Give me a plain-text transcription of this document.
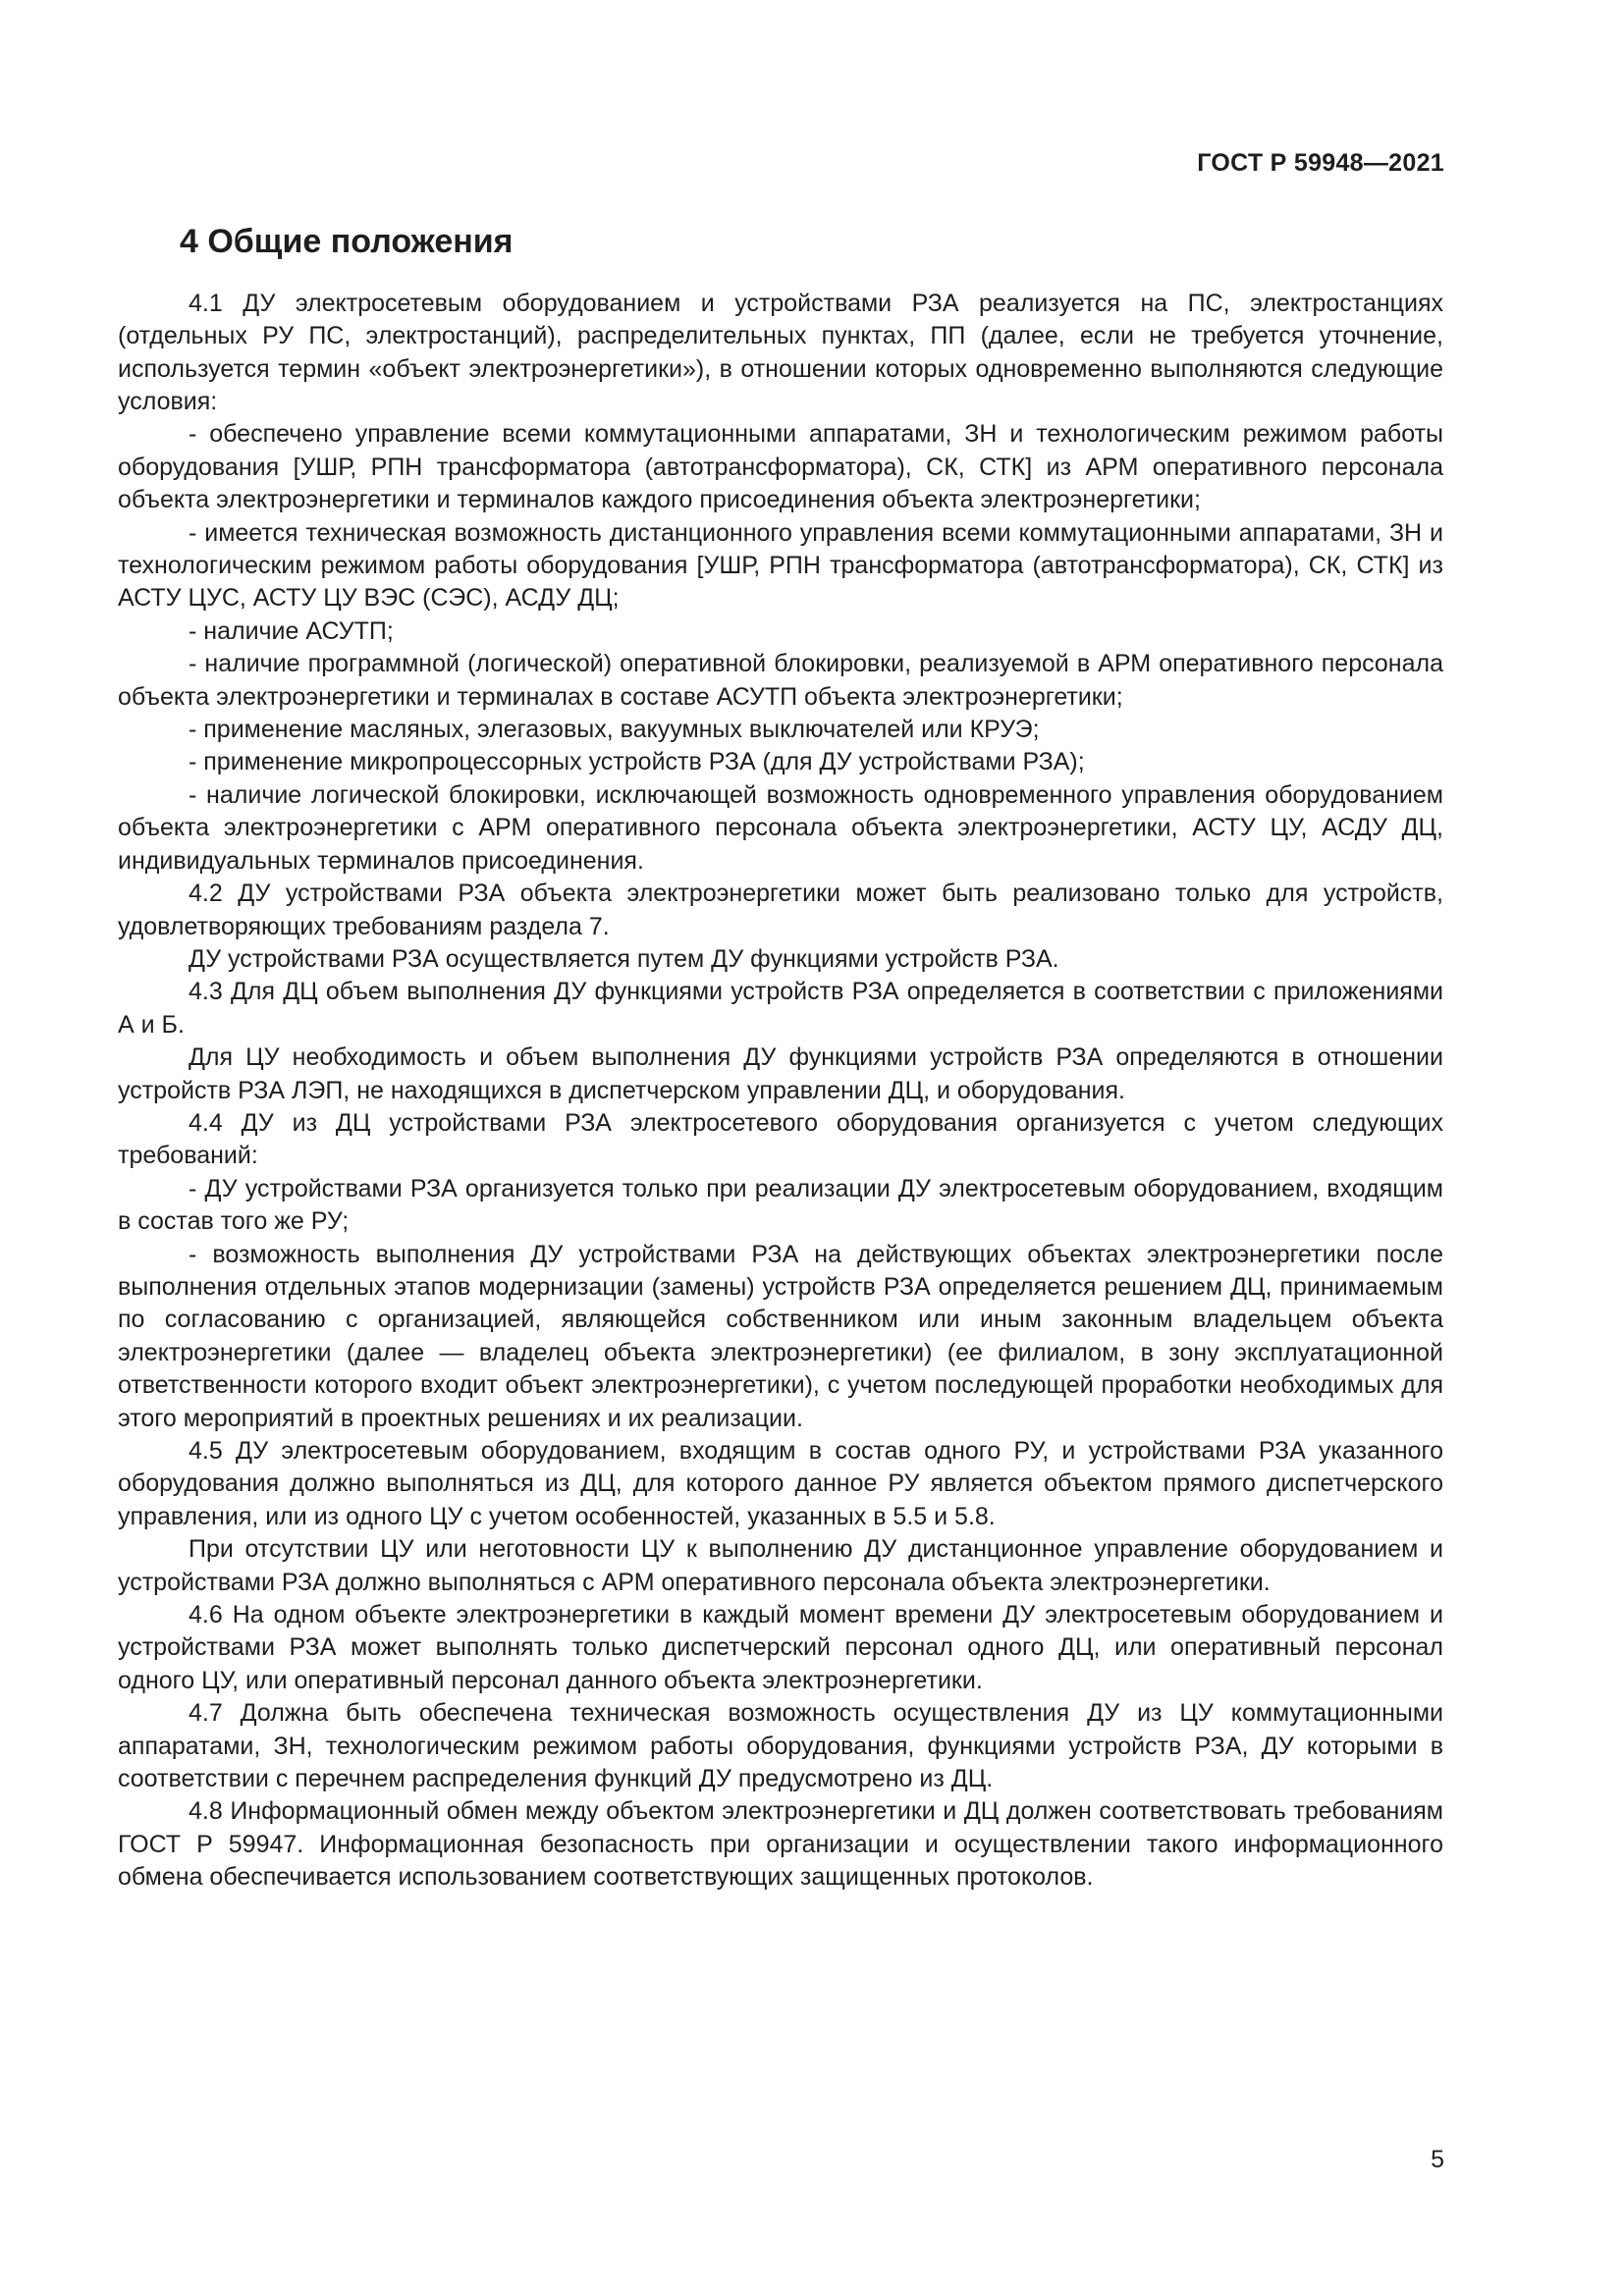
ГОСТ Р 59948—2021
4 Общие положения

4.1 ДУ электросетевым оборудованием и устройствами РЗА реализуется на ПС, электростанциях (отдельных РУ ПС, электростанций), распределительных пунктах, ПП (далее, если не требуется уточнение, используется термин «объект электроэнергетики»), в отношении которых одновременно выполняются следующие условия:

- обеспечено управление всеми коммутационными аппаратами, ЗН и технологическим режимом работы оборудования [УШР, РПН трансформатора (автотрансформатора), СК, СТК] из АРМ оперативного персонала объекта электроэнергетики и терминалов каждого присоединения объекта электроэнергетики;

- имеется техническая возможность дистанционного управления всеми коммутационными аппаратами, ЗН и технологическим режимом работы оборудования [УШР, РПН трансформатора (автотрансформатора), СК, СТК] из АСТУ ЦУС, АСТУ ЦУ ВЭС (СЭС), АСДУ ДЦ;

- наличие АСУТП;

- наличие программной (логической) оперативной блокировки, реализуемой в АРМ оперативного персонала объекта электроэнергетики и терминалах в составе АСУТП объекта электроэнергетики;

- применение масляных, элегазовых, вакуумных выключателей или КРУЭ;

- применение микропроцессорных устройств РЗА (для ДУ устройствами РЗА);

- наличие логической блокировки, исключающей возможность одновременного управления оборудованием объекта электроэнергетики с АРМ оперативного персонала объекта электроэнергетики, АСТУ ЦУ, АСДУ ДЦ, индивидуальных терминалов присоединения.

4.2 ДУ устройствами РЗА объекта электроэнергетики может быть реализовано только для устройств, удовлетворяющих требованиям раздела 7.

ДУ устройствами РЗА осуществляется путем ДУ функциями устройств РЗА.

4.3 Для ДЦ объем выполнения ДУ функциями устройств РЗА определяется в соответствии с приложениями А и Б.

Для ЦУ необходимость и объем выполнения ДУ функциями устройств РЗА определяются в отношении устройств РЗА ЛЭП, не находящихся в диспетчерском управлении ДЦ, и оборудования.

4.4 ДУ из ДЦ устройствами РЗА электросетевого оборудования организуется с учетом следующих требований:

- ДУ устройствами РЗА организуется только при реализации ДУ электросетевым оборудованием, входящим в состав того же РУ;

- возможность выполнения ДУ устройствами РЗА на действующих объектах электроэнергетики после выполнения отдельных этапов модернизации (замены) устройств РЗА определяется решением ДЦ, принимаемым по согласованию с организацией, являющейся собственником или иным законным владельцем объекта электроэнергетики (далее — владелец объекта электроэнергетики) (ее филиалом, в зону эксплуатационной ответственности которого входит объект электроэнергетики), с учетом последующей проработки необходимых для этого мероприятий в проектных решениях и их реализации.

4.5 ДУ электросетевым оборудованием, входящим в состав одного РУ, и устройствами РЗА указанного оборудования должно выполняться из ДЦ, для которого данное РУ является объектом прямого диспетчерского управления, или из одного ЦУ с учетом особенностей, указанных в 5.5 и 5.8.

При отсутствии ЦУ или неготовности ЦУ к выполнению ДУ дистанционное управление оборудованием и устройствами РЗА должно выполняться с АРМ оперативного персонала объекта электроэнергетики.

4.6 На одном объекте электроэнергетики в каждый момент времени ДУ электросетевым оборудованием и устройствами РЗА может выполнять только диспетчерский персонал одного ДЦ, или оперативный персонал одного ЦУ, или оперативный персонал данного объекта электроэнергетики.

4.7 Должна быть обеспечена техническая возможность осуществления ДУ из ЦУ коммутационными аппаратами, ЗН, технологическим режимом работы оборудования, функциями устройств РЗА, ДУ которыми в соответствии с перечнем распределения функций ДУ предусмотрено из ДЦ.

4.8 Информационный обмен между объектом электроэнергетики и ДЦ должен соответствовать требованиям ГОСТ Р 59947. Информационная безопасность при организации и осуществлении такого информационного обмена обеспечивается использованием соответствующих защищенных протоколов.

5
